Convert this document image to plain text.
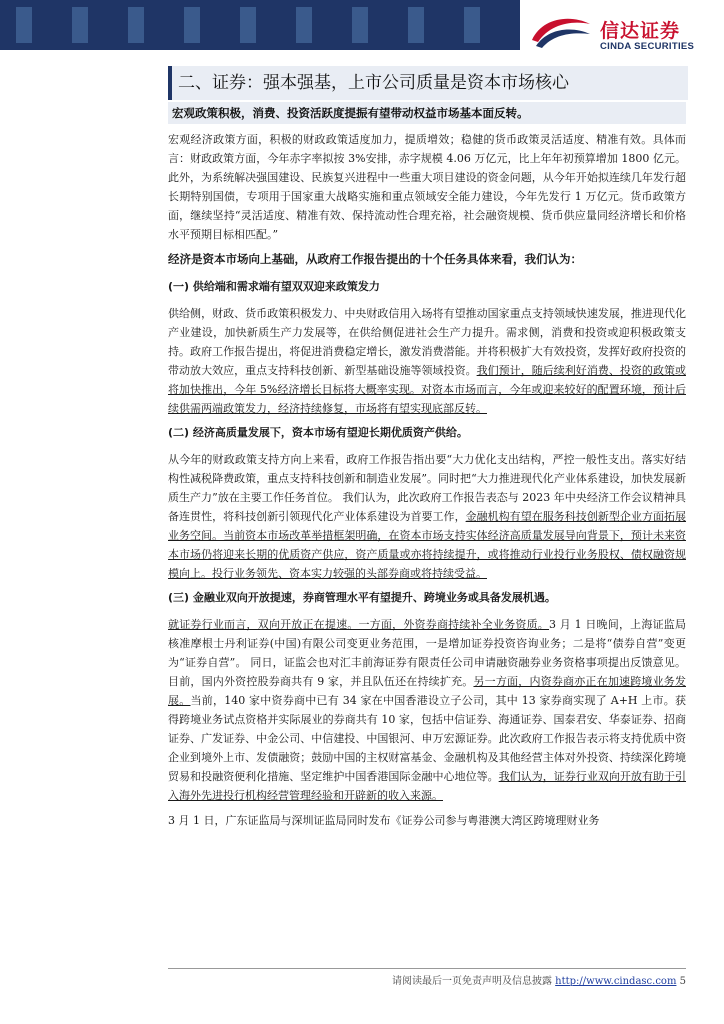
信达证券
CINDA SECURITIES
二、证券：强本强基，上市公司质量是资本市场核心
宏观政策积极，消费、投资活跃度提振有望带动权益市场基本面反转。

宏观经济政策方面，积极的财政政策适度加力，提质增效；稳健的货币政策灵活适度、精准有效。具体而言：财政政策方面，今年赤字率拟按 3%安排，赤字规模 4.06 万亿元，比上年年初预算增加 1800 亿元。此外，为系统解决强国建设、民族复兴进程中一些重大项目建设的资金问题，从今年开始拟连续几年发行超长期特别国债，专项用于国家重大战略实施和重点领域安全能力建设，今年先发行 1 万亿元。货币政策方面，继续坚持“灵活适度、精准有效、保持流动性合理充裕，社会融资规模、货币供应量同经济增长和价格水平预期目标相匹配。”

经济是资本市场向上基础，从政府工作报告提出的十个任务具体来看，我们认为：
(一) 供给端和需求端有望双双迎来政策发力

供给侧，财政、货币政策积极发力、中央财政信用入场将有望推动国家重点支持领域快速发展，推进现代化产业建设，加快新质生产力发展等，在供给侧促进社会生产力提升。需求侧，消费和投资或迎积极政策支持。政府工作报告提出，将促进消费稳定增长，激发消费潜能。并将积极扩大有效投资，发挥好政府投资的带动放大效应，重点支持科技创新、新型基础设施等领域投资。我们预计，随后续利好消费、投资的政策或将加快推出，今年 5%经济增长目标将大概率实现。对资本市场而言，今年或迎来较好的配置环境，预计后续供需两端政策发力，经济持续修复，市场将有望实现底部反转。

(二) 经济高质量发展下，资本市场有望迎长期优质资产供给。

从今年的财政政策支持方向上来看，政府工作报告指出要“大力优化支出结构，严控一般性支出。落实好结构性减税降费政策，重点支持科技创新和制造业发展”。同时把“大力推进现代化产业体系建设，加快发展新质生产力”放在主要工作任务首位。 我们认为，此次政府工作报告表态与 2023 年中央经济工作会议精神具备连贯性，将科技创新引领现代化产业体系建设为首要工作，金融机构有望在服务科技创新型企业方面拓展业务空间。当前资本市场改革举措框架明确，在资本市场支持实体经济高质量发展导向背景下，预计未来资本市场仍将迎来长期的优质资产供应，资产质量或亦将持续提升，或将推动行业投行业务股权、债权融资规模向上。投行业务领先、资本实力较强的头部券商或将持续受益。

(三) 金融业双向开放提速，券商管理水平有望提升、跨境业务或具备发展机遇。

就证券行业而言，双向开放正在提速。一方面，外资券商持续补全业务资质。3 月 1 日晚间，上海证监局核准摩根士丹利证券(中国)有限公司变更业务范围，一是增加证券投资咨询业务；二是将“债券自营”变更为“证券自营”。 同日，证监会也对汇丰前海证券有限责任公司申请融资融券业务资格事项提出反馈意见。目前，国内外资控股券商共有 9 家，并且队伍还在持续扩充。另一方面，内资券商亦正在加速跨境业务发展。当前，140 家中资券商中已有 34 家在中国香港设立子公司，其中 13 家券商实现了 A+H 上市。获得跨境业务试点资格并实际展业的券商共有 10 家，包括中信证券、海通证券、国泰君安、华泰证券、招商证券、广发证券、中金公司、中信建投、中国银河、申万宏源证券。此次政府工作报告表示将支持优质中资企业到境外上市、发债融资；鼓励中国的主权财富基金、金融机构及其他经营主体对外投资、持续深化跨境贸易和投融资便利化措施、坚定维护中国香港国际金融中心地位等。我们认为，证券行业双向开放有助于引入海外先进投行机构经营管理经验和开辟新的收入来源。

3 月 1 日，广东证监局与深圳证监局同时发布《证券公司参与粤港澳大湾区跨境理财业务

请阅读最后一页免责声明及信息披露 http://www.cindasc.com 5
